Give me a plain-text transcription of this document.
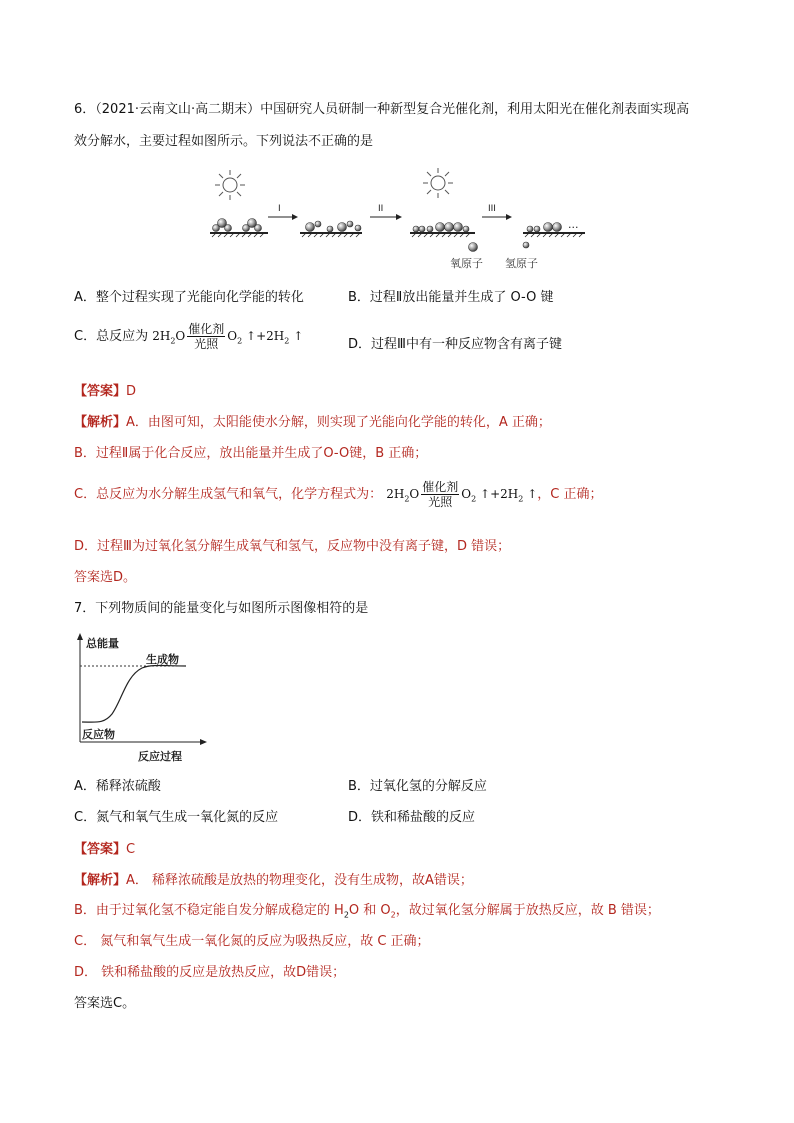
6．（2021·云南文山·高二期末）中国研究人员研制一种新型复合光催化剂，利用太阳光在催化剂表面实现高
效分解水，主要过程如图所示。下列说法不正确的是
I	II	III
···
氧原子 氢原子
A．整个过程实现了光能向化学能的转化	B．过程Ⅱ放出能量并生成了 O-O 键
C．总反应为 $2H_2O \frac{\text{催化剂}}{\text{光照}} O_2$ $↑+2H_2$ ↑
D．过程Ⅲ中有一种反应物含有离子键
【答案】D
【解析】A．由图可知，太阳能使水分解，则实现了光能向化学能的转化，A 正确；
B．过程Ⅱ属于化合反应，放出能量并生成了O-O键，B 正确；
C．总反应为水分解生成氢气和氧气，化学方程式为： $2H_2O \frac{\text{催化剂}}{\text{光照}} O_2$ $↑+2H_2$ ↑，C 正确；
D．过程Ⅲ为过氧化氢分解生成氧气和氢气，反应物中没有离子键，D 错误；
答案选D。
7．下列物质间的能量变化与如图所示图像相符的是
总能量
生成物
反应物
反应过程
A．稀释浓硫酸	B．过氧化氢的分解反应
C．氮气和氧气生成一氧化氮的反应	D．铁和稀盐酸的反应
【答案】C
【解析】A． 稀释浓硫酸是放热的物理变化，没有生成物，故A错误；
B．由于过氧化氢不稳定能自发分解成稳定的 $H_2O$ 和 $O_2$，故过氧化氢分解属于放热反应，故 B 错误；
C． 氮气和氧气生成一氧化氮的反应为吸热反应，故 C 正确；
D． 铁和稀盐酸的反应是放热反应，故D错误；
答案选C。
